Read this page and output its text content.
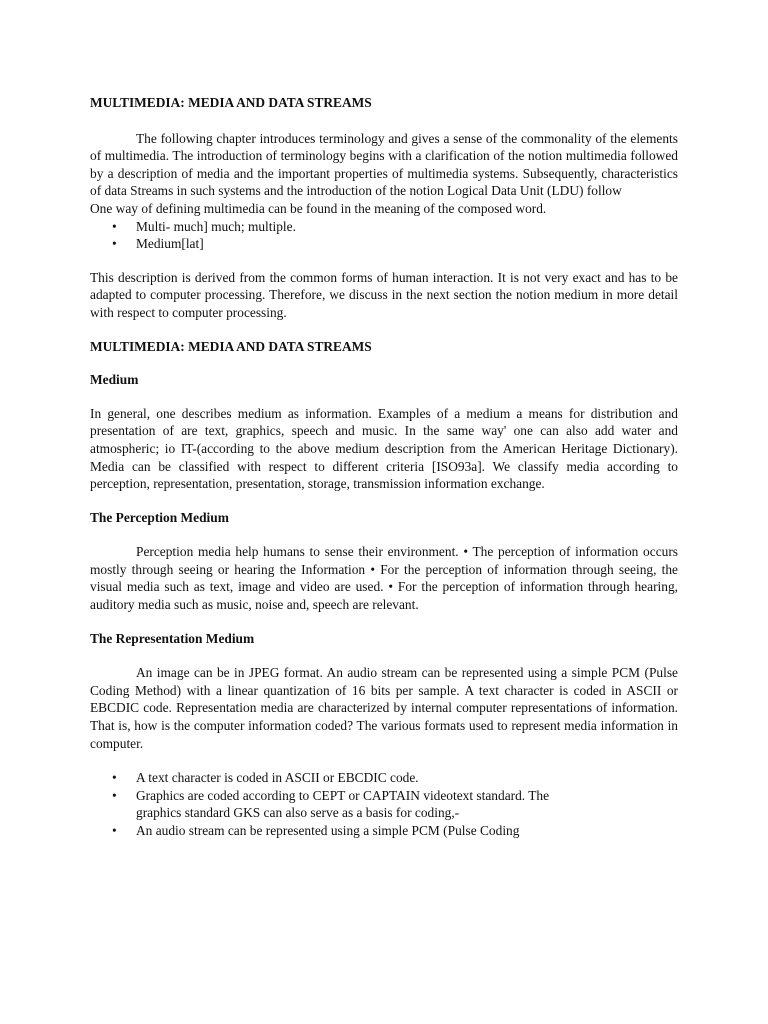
MULTIMEDIA: MEDIA AND DATA STREAMS

The following chapter introduces terminology and gives a sense of the commonality of the elements of multimedia. The introduction of terminology begins with a clarification of the notion multimedia followed by a description of media and the important properties of multimedia systems. Subsequently, characteristics of data Streams in such systems and the introduction of the notion Logical Data Unit (LDU) follow

One way of defining multimedia can be found in the meaning of the composed word.

• Multi- much] much; multiple.
• Medium[lat]

This description is derived from the common forms of human interaction. It is not very exact and has to be adapted to computer processing. Therefore, we discuss in the next section the notion medium in more detail with respect to computer processing.

MULTIMEDIA: MEDIA AND DATA STREAMS
Medium

In general, one describes medium as information. Examples of a medium a means for distribution and presentation of are text, graphics, speech and music. In the same way' one can also add water and atmospheric; io IT-(according to the above medium description from the American Heritage Dictionary). Media can be classified with respect to different criteria [ISO93a]. We classify media according to perception, representation, presentation, storage, transmission information exchange.

The Perception Medium

Perception media help humans to sense their environment. • The perception of information occurs mostly through seeing or hearing the Information • For the perception of information through seeing, the visual media such as text, image and video are used. • For the perception of information through hearing, auditory media such as music, noise and, speech are relevant.

The Representation Medium

An image can be in JPEG format. An audio stream can be represented using a simple PCM (Pulse Coding Method) with a linear quantization of 16 bits per sample. A text character is coded in ASCII or EBCDIC code. Representation media are characterized by internal computer representations of information. That is, how is the computer information coded? The various formats used to represent media information in computer.

• A text character is coded in ASCII or EBCDIC code.
• Graphics are coded according to CEPT or CAPTAIN videotext standard. The
graphics standard GKS can also serve as a basis for coding,-
• An audio stream can be represented using a simple PCM (Pulse Coding
